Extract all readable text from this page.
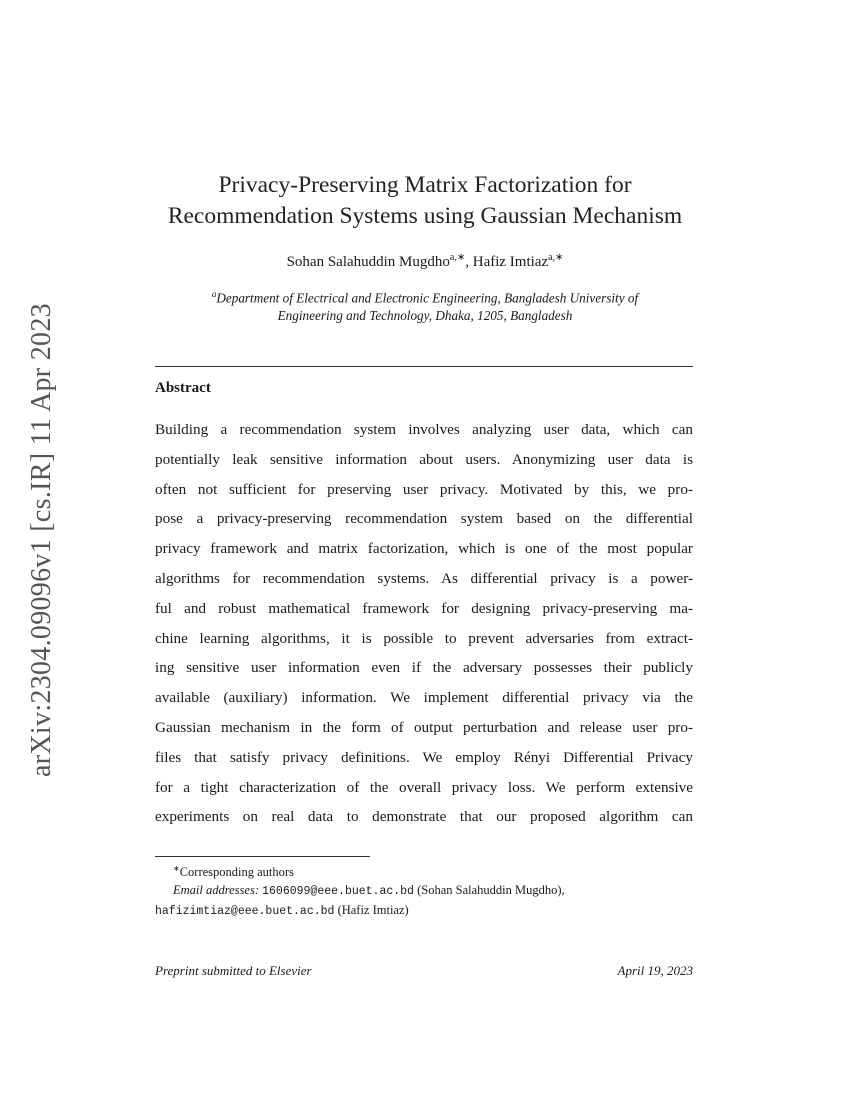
arXiv:2304.09096v1 [cs.IR] 11 Apr 2023
Privacy-Preserving Matrix Factorization for
Recommendation Systems using Gaussian Mechanism
Sohan Salahuddin Mugdho$^{a,∗}$, Hafiz Imtiaz$^{a,∗}$
$^a$Department of Electrical and Electronic Engineering, Bangladesh University of
Engineering and Technology, Dhaka, 1205, Bangladesh
Abstract
Building a recommendation system involves analyzing user data, which can
potentially leak sensitive information about users. Anonymizing user data is
often not sufficient for preserving user privacy. Motivated by this, we pro-
pose a privacy-preserving recommendation system based on the differential
privacy framework and matrix factorization, which is one of the most popular
algorithms for recommendation systems. As differential privacy is a power-
ful and robust mathematical framework for designing privacy-preserving ma-
chine learning algorithms, it is possible to prevent adversaries from extract-
ing sensitive user information even if the adversary possesses their publicly
available (auxiliary) information. We implement differential privacy via the
Gaussian mechanism in the form of output perturbation and release user pro-
files that satisfy privacy definitions. We employ Rényi Differential Privacy
for a tight characterization of the overall privacy loss. We perform extensive
experiments on real data to demonstrate that our proposed algorithm can
∗Corresponding authors
Email addresses: 1606099@eee.buet.ac.bd (Sohan Salahuddin Mugdho),
hafizimtiaz@eee.buet.ac.bd (Hafiz Imtiaz)
Preprint submitted to Elsevier	April 19, 2023
